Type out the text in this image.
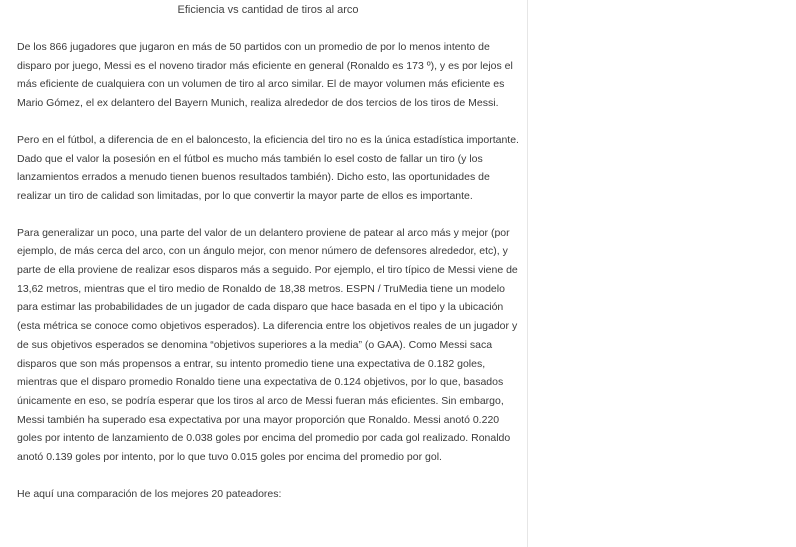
Eficiencia vs cantidad de tiros al arco

De los 866 jugadores que jugaron en más de 50 partidos con un promedio de por lo menos intento de disparo por juego, Messi es el noveno tirador más eficiente en general (Ronaldo es 173 º), y es por lejos el más eficiente de cualquiera con un volumen de tiro al arco similar. El de mayor volumen más eficiente es Mario Gómez, el ex delantero del Bayern Munich, realiza alrededor de dos tercios de los tiros de Messi.

Pero en el fútbol, a diferencia de en el baloncesto, la eficiencia del tiro no es la única estadística importante. Dado que el valor la posesión en el fútbol es mucho más también lo esel costo de fallar un tiro (y los lanzamientos errados a menudo tienen buenos resultados también). Dicho esto, las oportunidades de realizar un tiro de calidad son limitadas, por lo que convertir la mayor parte de ellos es importante.

Para generalizar un poco, una parte del valor de un delantero proviene de patear al arco más y mejor (por ejemplo, de más cerca del arco, con un ángulo mejor, con menor número de defensores alrededor, etc), y parte de ella proviene de realizar esos disparos más a seguido. Por ejemplo, el tiro típico de Messi viene de 13,62 metros, mientras que el tiro medio de Ronaldo de 18,38 metros. ESPN / TruMedia tiene un modelo para estimar las probabilidades de un jugador de cada disparo que hace basada en el tipo y la ubicación (esta métrica se conoce como objetivos esperados). La diferencia entre los objetivos reales de un jugador y de sus objetivos esperados se denomina “objetivos superiores a la media” (o GAA). Como Messi saca disparos que son más propensos a entrar, su intento promedio tiene una expectativa de 0.182 goles, mientras que el disparo promedio Ronaldo tiene una expectativa de 0.124 objetivos, por lo que, basados únicamente en eso, se podría esperar que los tiros al arco de Messi fueran más eficientes. Sin embargo, Messi también ha superado esa expectativa por una mayor proporción que Ronaldo. Messi anotó 0.220 goles por intento de lanzamiento de 0.038 goles por encima del promedio por cada gol realizado. Ronaldo anotó 0.139 goles por intento, por lo que tuvo 0.015 goles por encima del promedio por gol.

He aquí una comparación de los mejores 20 pateadores:
